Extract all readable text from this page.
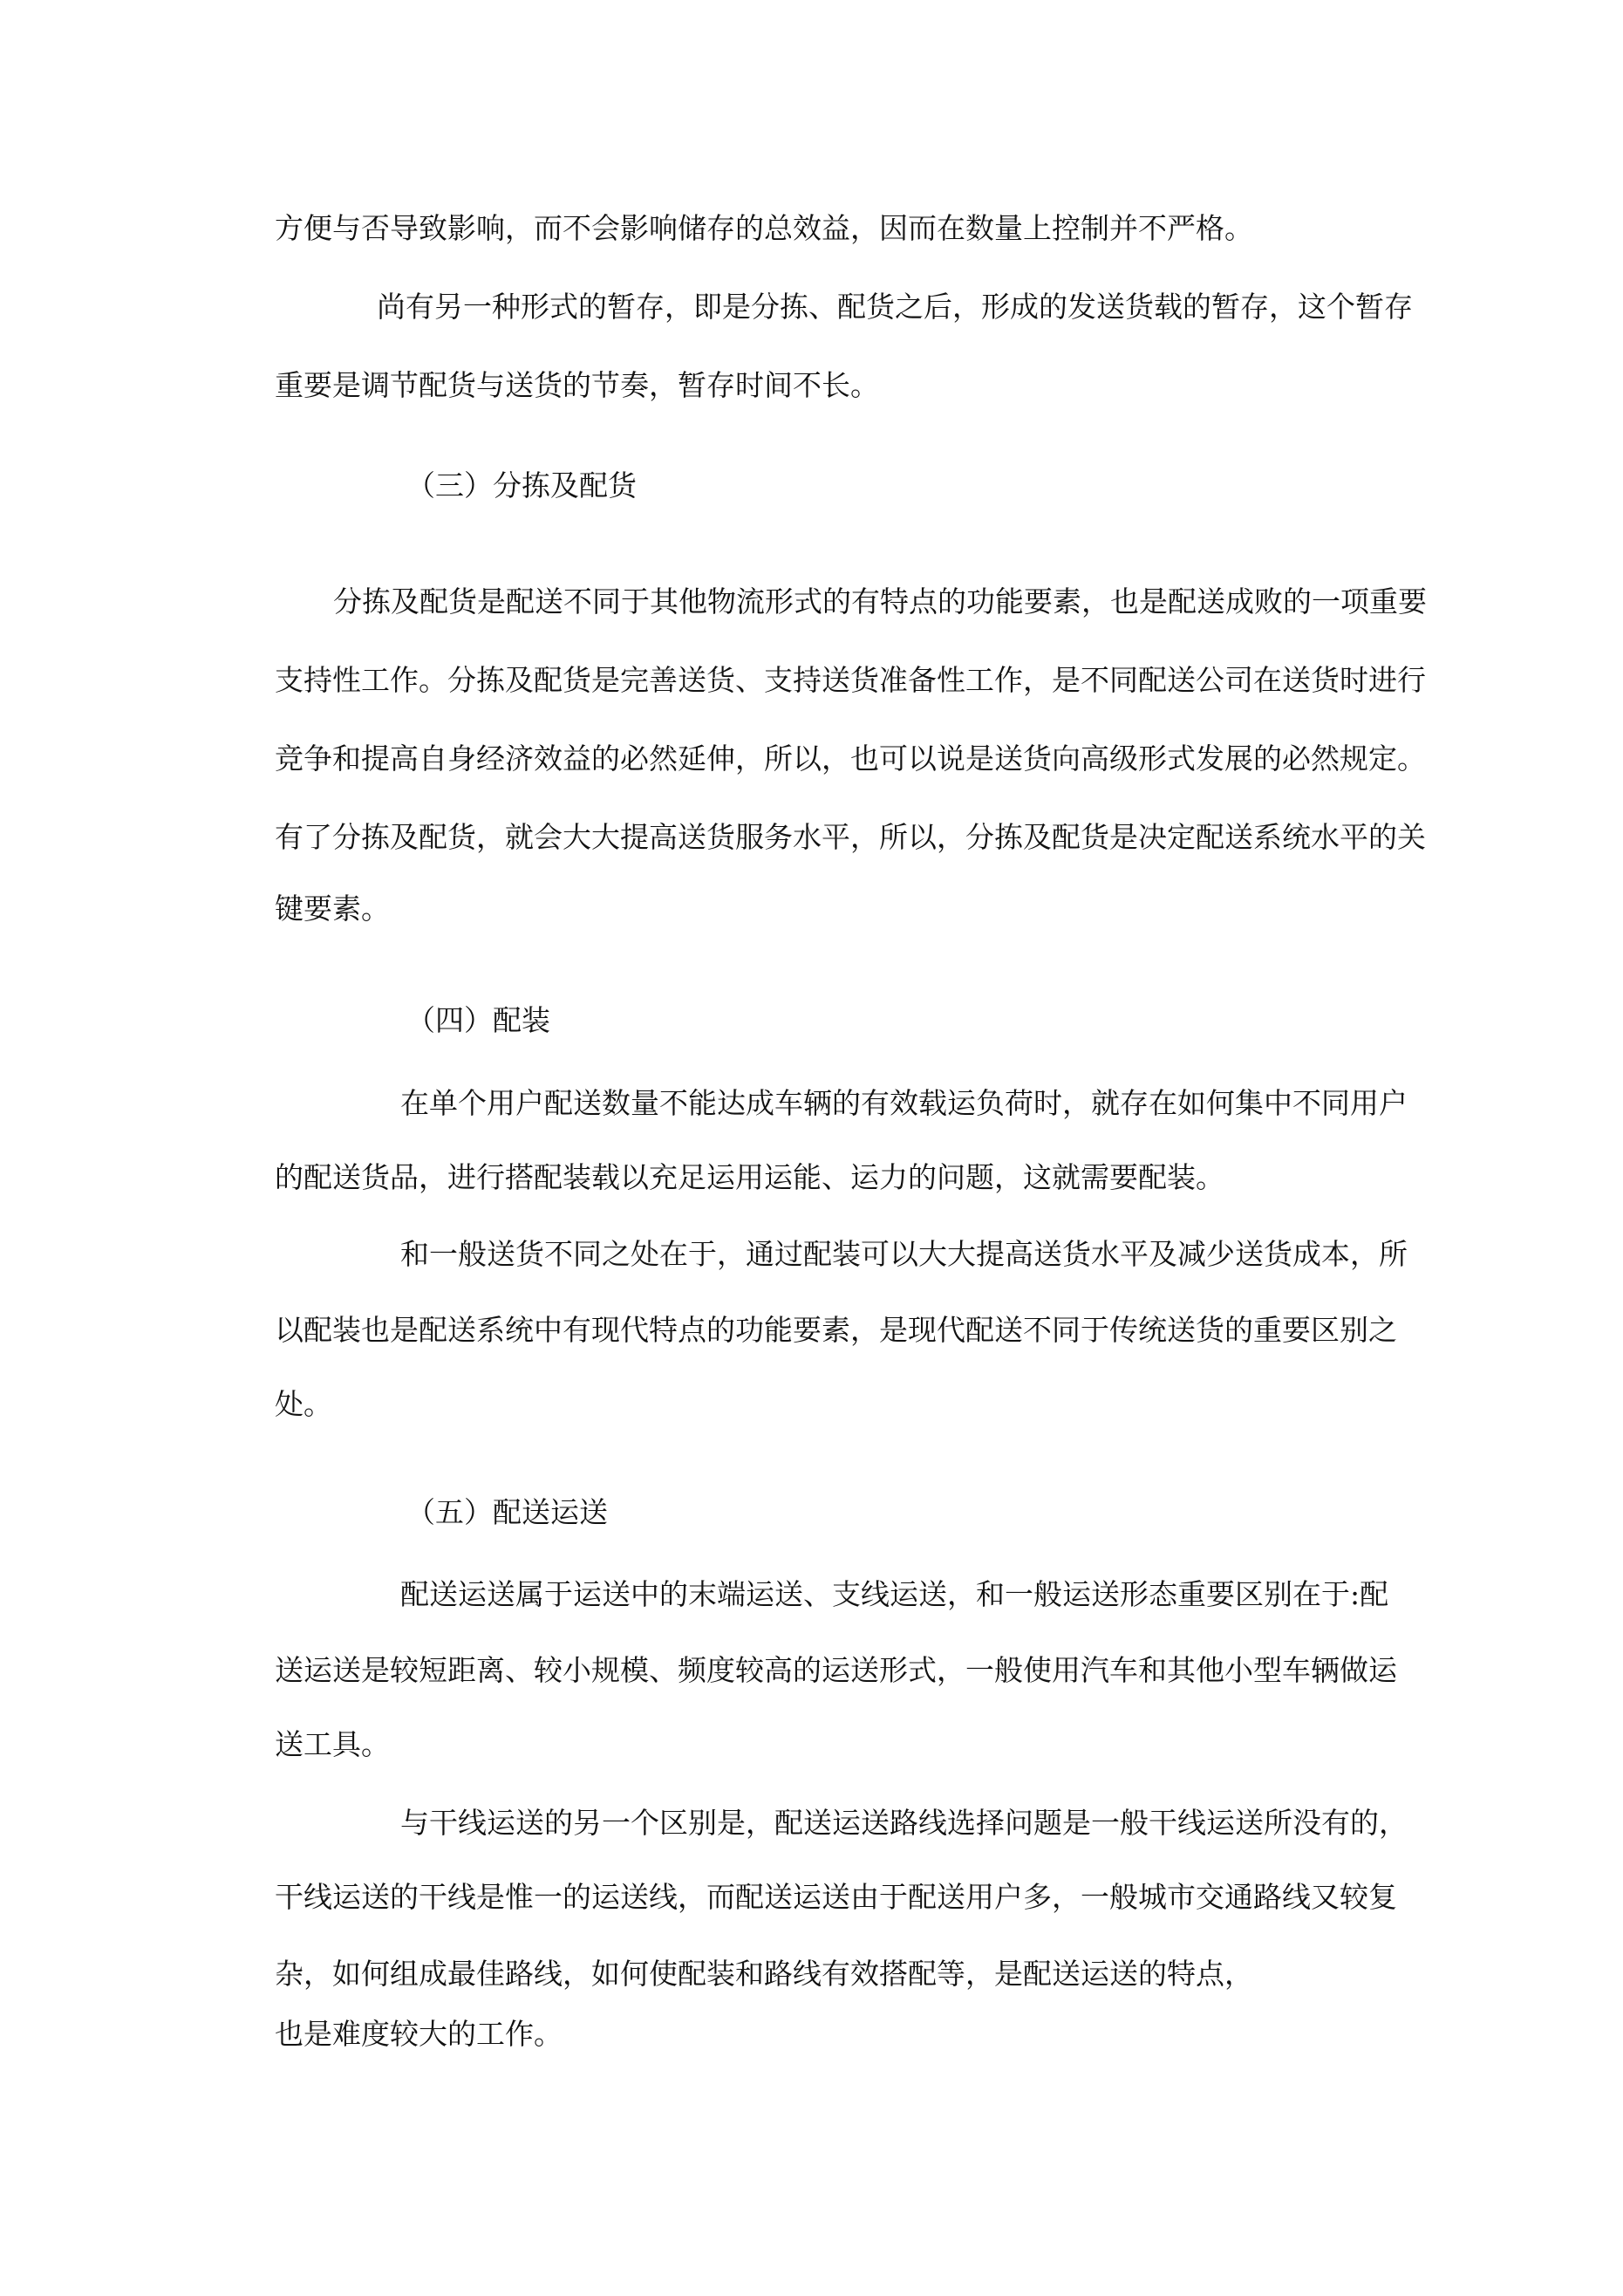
方便与否导致影响，而不会影响储存的总效益，因而在数量上控制并不严格。
尚有另一种形式的暂存，即是分拣、配货之后，形成的发送货载的暂存，这个暂存
重要是调节配货与送货的节奏，暂存时间不长。
（三）分拣及配货
分拣及配货是配送不同于其他物流形式的有特点的功能要素，也是配送成败的一项重要
支持性工作。分拣及配货是完善送货、支持送货准备性工作，是不同配送公司在送货时进行
竞争和提高自身经济效益的必然延伸，所以，也可以说是送货向高级形式发展的必然规定。
有了分拣及配货，就会大大提高送货服务水平，所以，分拣及配货是决定配送系统水平的关
键要素。
（四）配装
在单个用户配送数量不能达成车辆的有效载运负荷时，就存在如何集中不同用户
的配送货品，进行搭配装载以充足运用运能、运力的问题，这就需要配装。
和一般送货不同之处在于，通过配装可以大大提高送货水平及减少送货成本，所
以配装也是配送系统中有现代特点的功能要素，是现代配送不同于传统送货的重要区别之
处。
（五）配送运送
配送运送属于运送中的末端运送、支线运送，和一般运送形态重要区别在于:配
送运送是较短距离、较小规模、频度较高的运送形式，一般使用汽车和其他小型车辆做运
送工具。
与干线运送的另一个区别是，配送运送路线选择问题是一般干线运送所没有的，
干线运送的干线是惟一的运送线，而配送运送由于配送用户多，一般城市交通路线又较复
杂，如何组成最佳路线，如何使配装和路线有效搭配等，是配送运送的特点，
也是难度较大的工作。
